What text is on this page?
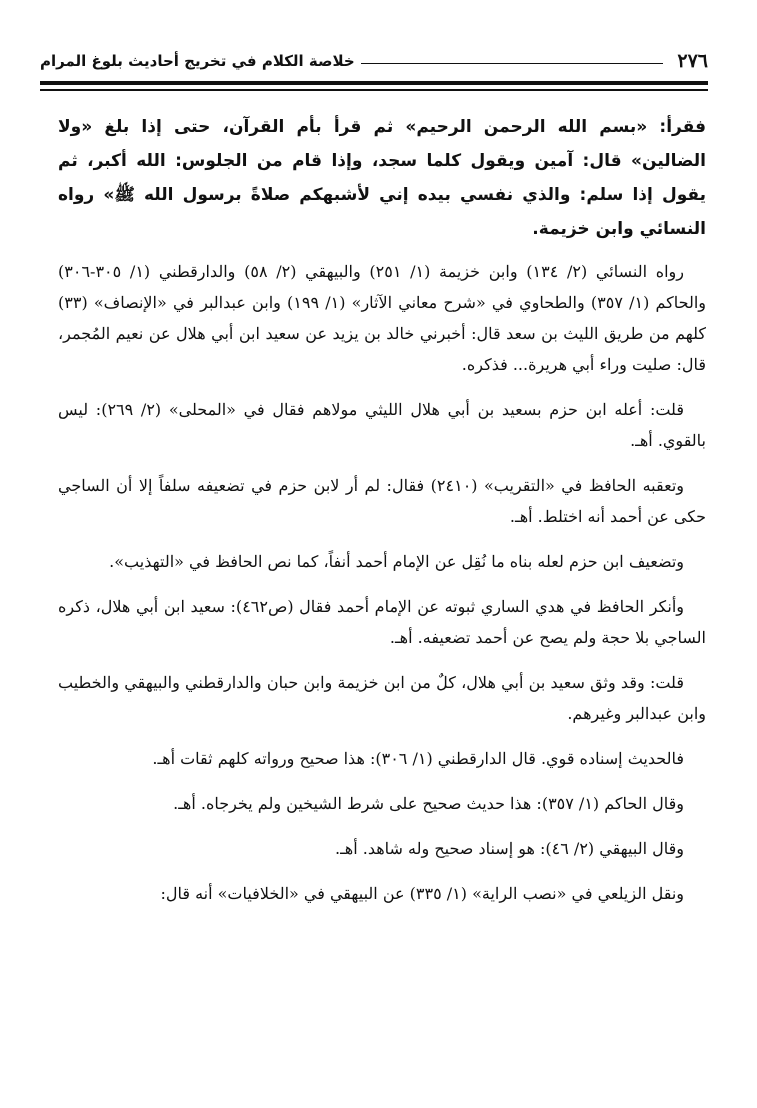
٢٧٦
خلاصة الكلام في تخريج أحاديث بلوغ المرام

فقرأ: «بسم الله الرحمن الرحيم» ثم قرأ بأم القرآن، حتى إذا بلغ «ولا الضالين» قال: آمين ويقول كلما سجد، وإذا قام من الجلوس: الله أكبر، ثم يقول إذا سلم: والذي نفسي بيده إني لأشبهكم صلاةً برسول الله ﷺ» رواه النسائي وابن خزيمة.

رواه النسائي (٢/ ١٣٤) وابن خزيمة (١/ ٢٥١) والبيهقي (٢/ ٥٨) والدارقطني (١/ ٣٠٥-٣٠٦) والحاكم (١/ ٣٥٧) والطحاوي في «شرح معاني الآثار» (١/ ١٩٩) وابن عبدالبر في «الإنصاف» (٣٣) كلهم من طريق الليث بن سعد قال: أخبرني خالد بن يزيد عن سعيد ابن أبي هلال عن نعيم المُجمر، قال: صليت وراء أبي هريرة... فذكره.

قلت: أعله ابن حزم بسعيد بن أبي هلال الليثي مولاهم فقال في «المحلى» (٢/ ٢٦٩): ليس بالقوي. أهـ.

وتعقبه الحافظ في «التقريب» (٢٤١٠) فقال: لم أر لابن حزم في تضعيفه سلفاً إلا أن الساجي حكى عن أحمد أنه اختلط. أهـ.

وتضعيف ابن حزم لعله بناه ما نُقِل عن الإمام أحمد أنفاً، كما نص الحافظ في «التهذيب».

وأنكر الحافظ في هدي الساري ثبوته عن الإمام أحمد فقال (ص٤٦٢): سعيد ابن أبي هلال، ذكره الساجي بلا حجة ولم يصح عن أحمد تضعيفه. أهـ.

قلت: وقد وثق سعيد بن أبي هلال، كلٌ من ابن خزيمة وابن حبان والدارقطني والبيهقي والخطيب وابن عبدالبر وغيرهم.

فالحديث إسناده قوي. قال الدارقطني (١/ ٣٠٦): هذا صحيح ورواته كلهم ثقات أهـ.

وقال الحاكم (١/ ٣٥٧): هذا حديث صحيح على شرط الشيخين ولم يخرجاه. أهـ.

وقال البيهقي (٢/ ٤٦): هو إسناد صحيح وله شاهد. أهـ.

ونقل الزيلعي في «نصب الراية» (١/ ٣٣٥) عن البيهقي في «الخلافيات» أنه قال:
